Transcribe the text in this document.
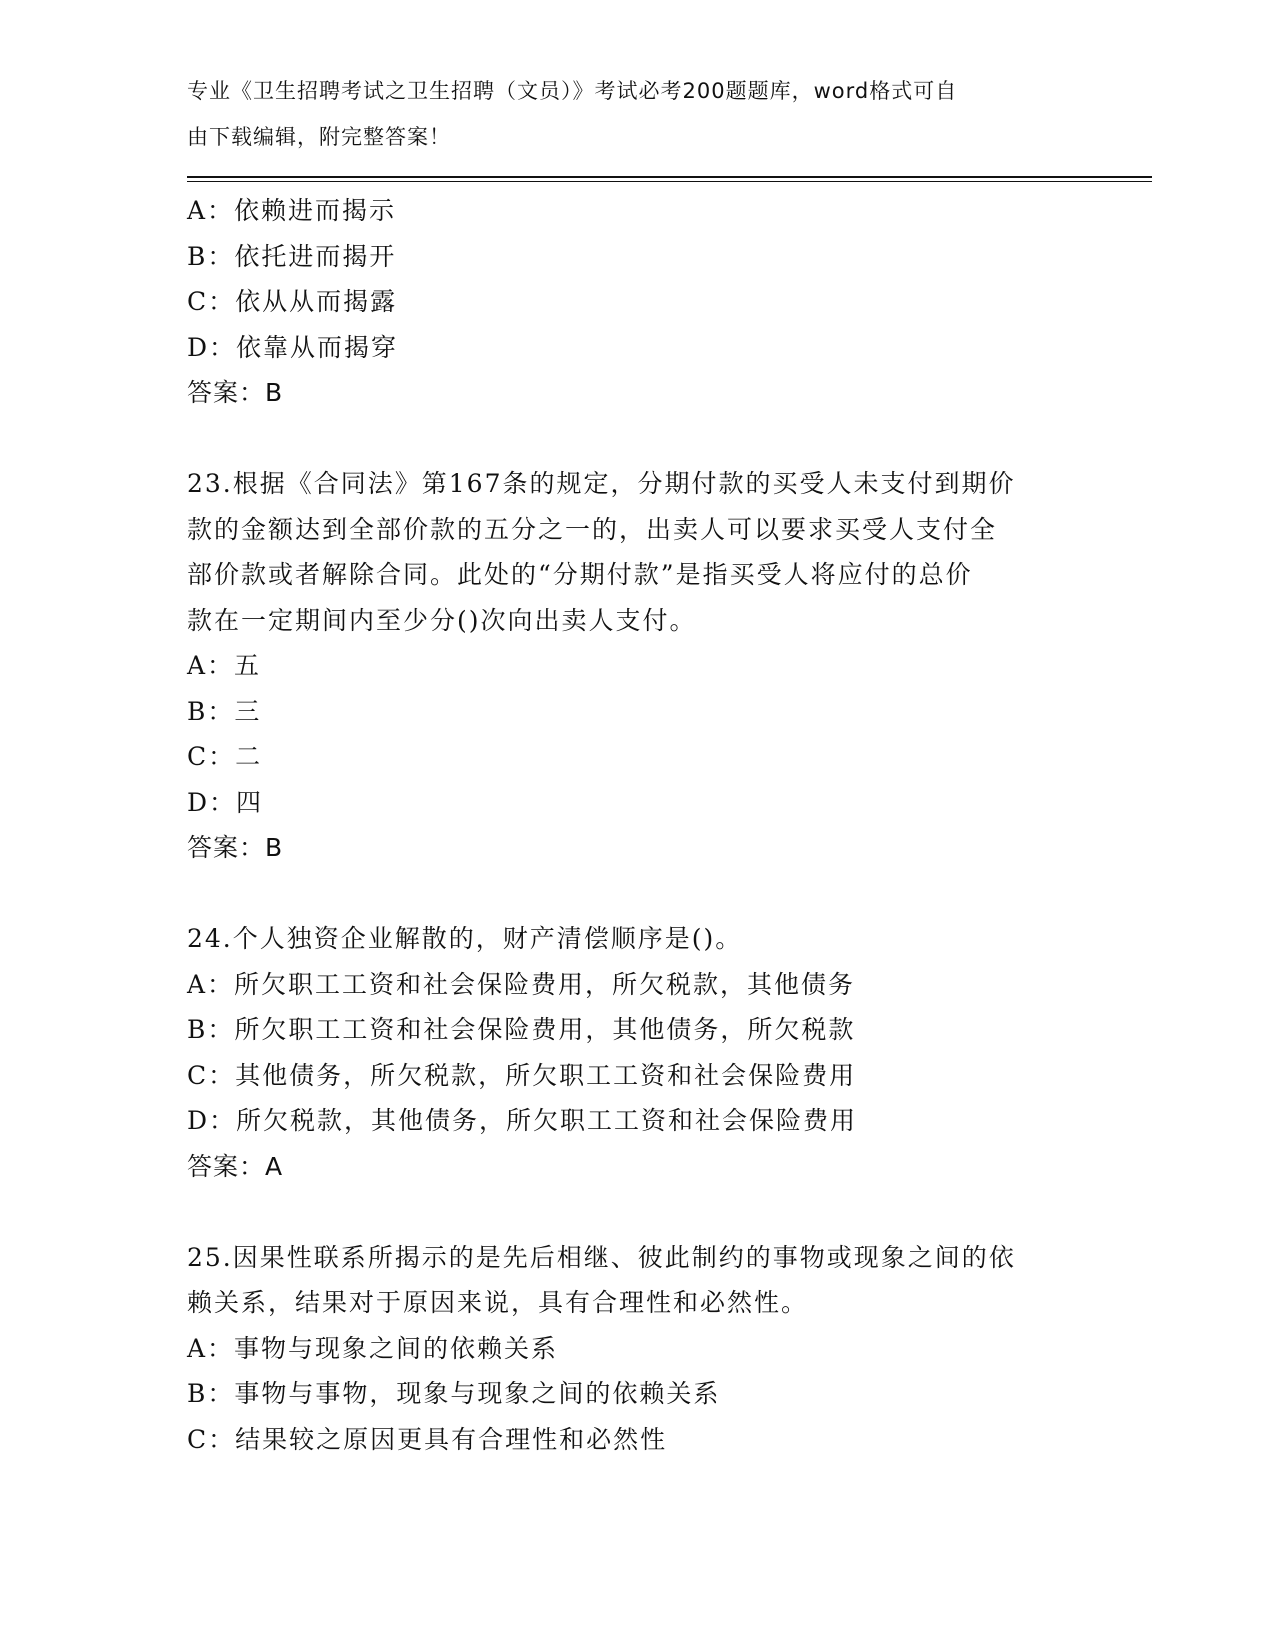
专业《卫生招聘考试之卫生招聘（文员）》考试必考200题题库，word格式可自
由下载编辑，附完整答案！
A：依赖进而揭示
B：依托进而揭开
C：依从从而揭露
D：依靠从而揭穿
答案：B
23.根据《合同法》第167条的规定，分期付款的买受人未支付到期价
款的金额达到全部价款的五分之一的，出卖人可以要求买受人支付全
部价款或者解除合同。此处的“分期付款”是指买受人将应付的总价
款在一定期间内至少分()次向出卖人支付。
A：五
B：三
C：二
D：四
答案：B
24.个人独资企业解散的，财产清偿顺序是()。
A：所欠职工工资和社会保险费用，所欠税款，其他债务
B：所欠职工工资和社会保险费用，其他债务，所欠税款
C：其他债务，所欠税款，所欠职工工资和社会保险费用
D：所欠税款，其他债务，所欠职工工资和社会保险费用
答案：A
25.因果性联系所揭示的是先后相继、彼此制约的事物或现象之间的依
赖关系，结果对于原因来说，具有合理性和必然性。
A：事物与现象之间的依赖关系
B：事物与事物，现象与现象之间的依赖关系
C：结果较之原因更具有合理性和必然性
